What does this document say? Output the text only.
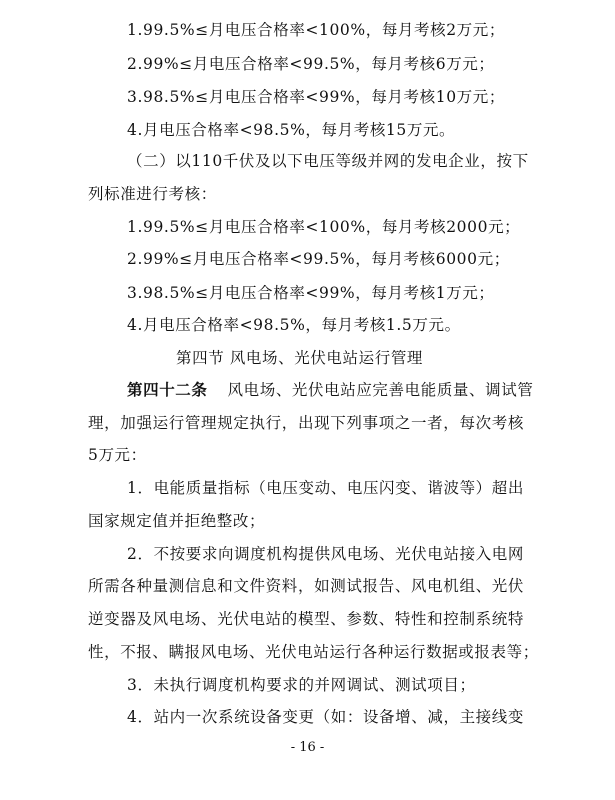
1.99.5%≤月电压合格率<100%，每月考核2万元；
2.99%≤月电压合格率<99.5%，每月考核6万元；
3.98.5%≤月电压合格率<99%，每月考核10万元；
4.月电压合格率<98.5%，每月考核15万元。
（二）以110千伏及以下电压等级并网的发电企业，按下
列标准进行考核：
1.99.5%≤月电压合格率<100%，每月考核2000元；
2.99%≤月电压合格率<99.5%，每月考核6000元；
3.98.5%≤月电压合格率<99%，每月考核1万元；
4.月电压合格率<98.5%，每月考核1.5万元。
第四节 风电场、光伏电站运行管理
第四十二条 风电场、光伏电站应完善电能质量、调试管
理，加强运行管理规定执行，出现下列事项之一者，每次考核
5万元：
1．电能质量指标（电压变动、电压闪变、谐波等）超出
国家规定值并拒绝整改；
2．不按要求向调度机构提供风电场、光伏电站接入电网
所需各种量测信息和文件资料，如测试报告、风电机组、光伏
逆变器及风电场、光伏电站的模型、参数、特性和控制系统特
性，不报、瞒报风电场、光伏电站运行各种运行数据或报表等；
3．未执行调度机构要求的并网调试、测试项目；
4．站内一次系统设备变更（如：设备增、减，主接线变
- 16 -
